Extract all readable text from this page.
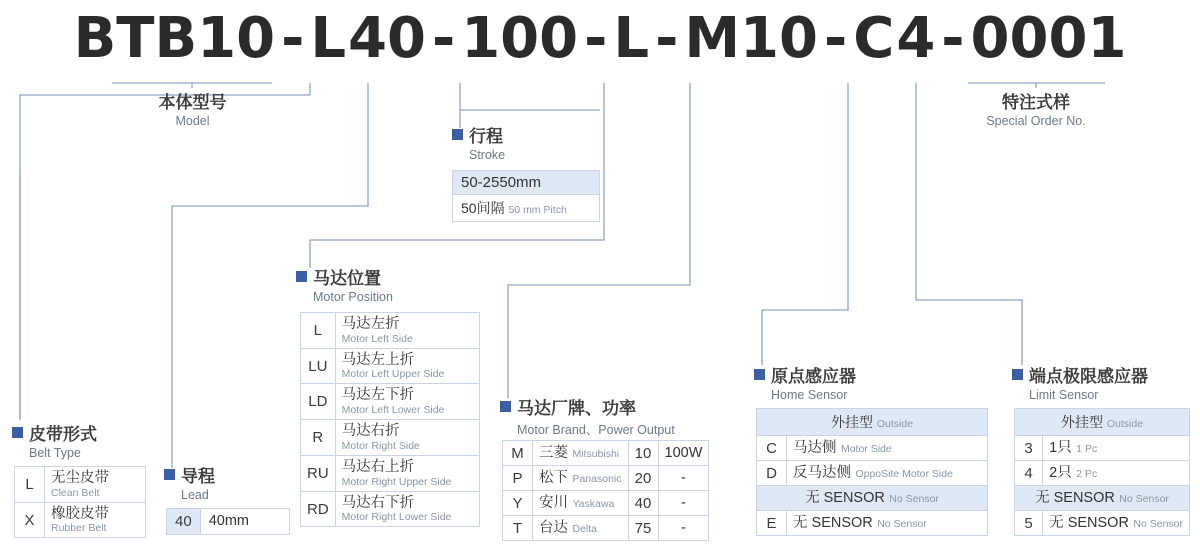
BTB10 - L 40 - 100 - L - M10 - C 4 - 0001
本体型号
Model
特注式样
Special Order No.
行程
Stroke
50-2550mm
50间隔 50 mm Pitch
马达位置
Motor Position
L	马达左折
Motor Left Side

LU	马达左上折
Motor Left Upper Side

LD	马达左下折
Motor Left Lower Side

R	马达右折
Motor Right Side

RU	马达右上折
Motor Right Upper Side

RD	马达右下折
Motor Right Lower Side
马达厂牌、功率
Motor Brand、Power Output
M	三菱 Mitsubishi	10	100W
P	松下 Panasonic	20	-
Y	安川 Yaskawa	40	-
T	台达 Delta	75	-
原点感应器
Home Sensor
外挂型 Outside	
C	马达侧 Motor Side
D	反马达侧 OppoSite Motor Side
无 SENSOR No Sensor	
E	无 SENSOR No Sensor
端点极限感应器
Limit Sensor
外挂型 Outside	
3	1只 1 Pc
4	2只 2 Pc
无 SENSOR No Sensor	
5	无 SENSOR No Sensor
皮带形式
Belt Type
L	无尘皮带
Clean Belt

X	橡胶皮带
Rubber Belt
导程
Lead
40	40mm
